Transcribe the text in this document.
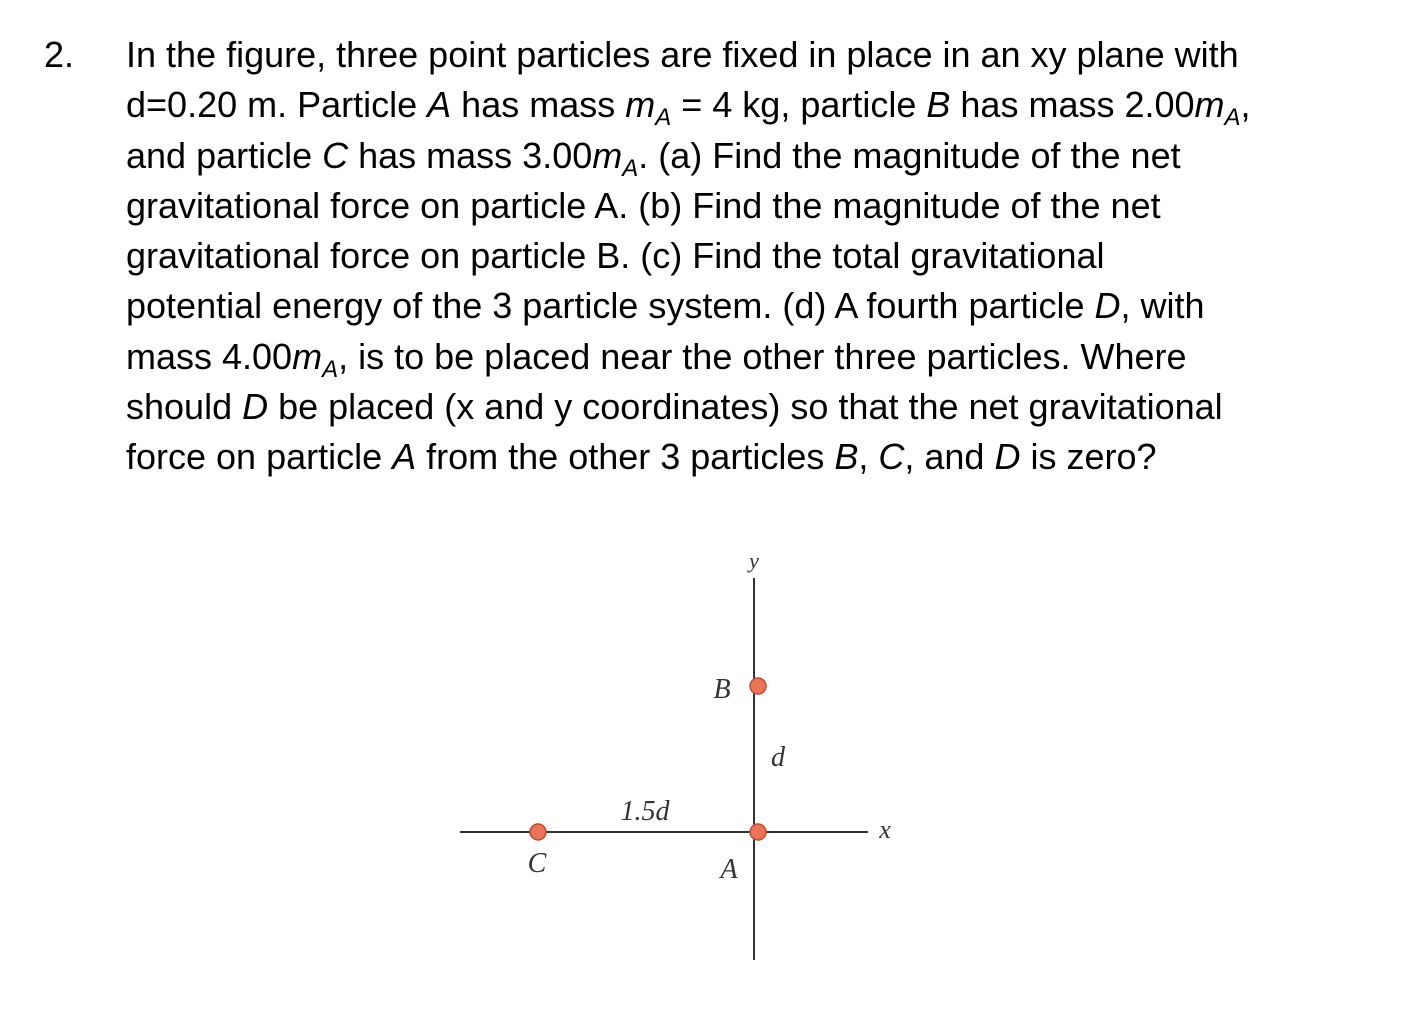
2. In the figure, three point particles are fixed in place in an xy plane with
d=0.20 m. Particle A has mass $m_A = 4$ kg, particle B has mass $2.00m_A$,
and particle C has mass $3.00m_A$. (a) Find the magnitude of the net
gravitational force on particle A. (b) Find the magnitude of the net
gravitational force on particle B. (c) Find the total gravitational
potential energy of the 3 particle system. (d) A fourth particle D, with
mass $4.00m_A$, is to be placed near the other three particles. Where
should D be placed (x and y coordinates) so that the net gravitational
force on particle A from the other 3 particles B, C, and D is zero?
y
x
B
A
C
d
1.5d
